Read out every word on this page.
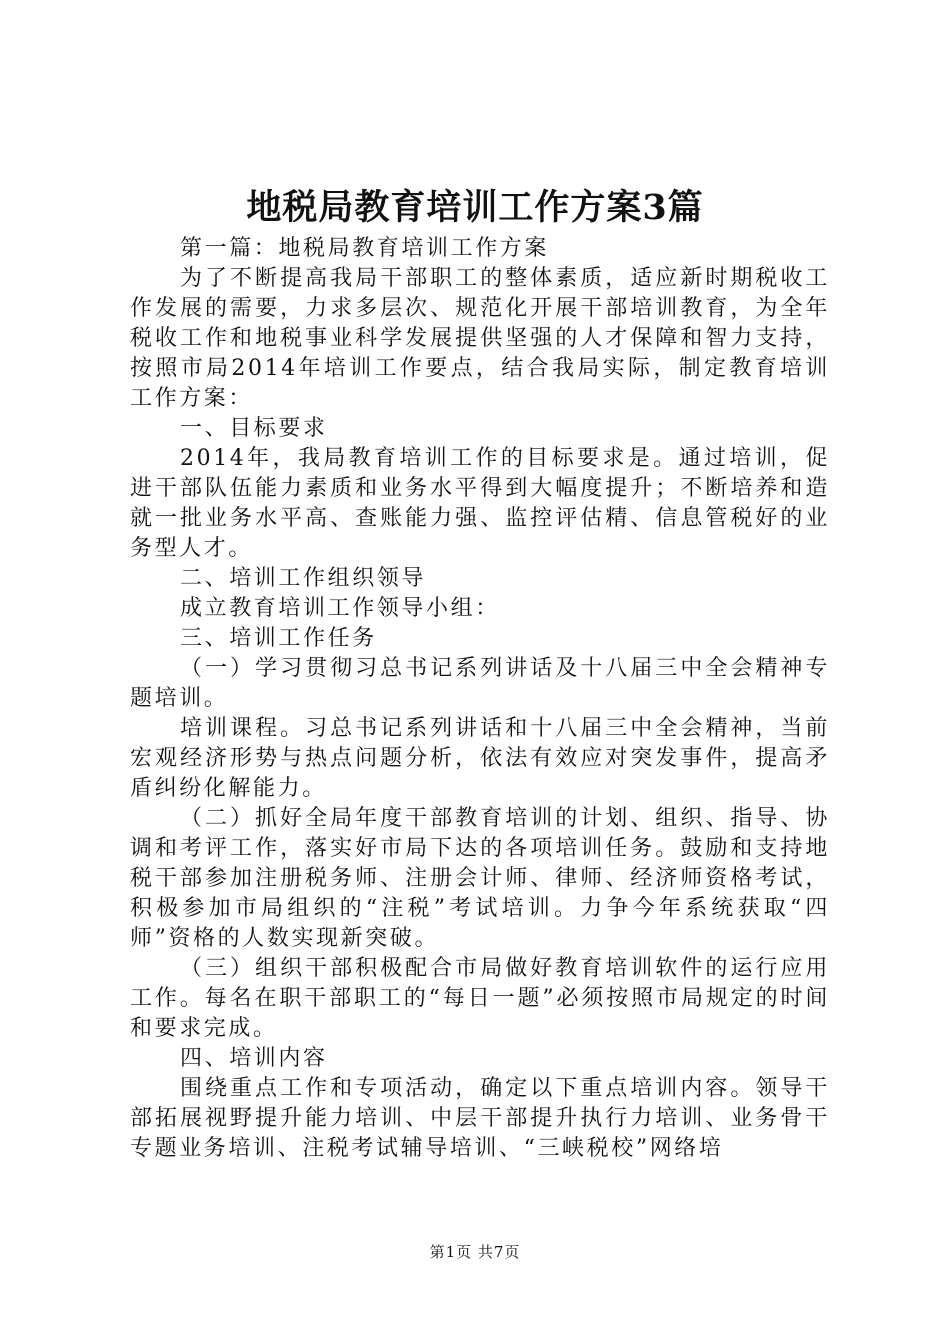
地税局教育培训工作方案3篇

第一篇：地税局教育培训工作方案

为了不断提高我局干部职工的整体素质，适应新时期税收工作发展的需要，力求多层次、规范化开展干部培训教育，为全年税收工作和地税事业科学发展提供坚强的人才保障和智力支持，按照市局2014年培训工作要点，结合我局实际，制定教育培训工作方案：

一、目标要求

2014年，我局教育培训工作的目标要求是。通过培训，促进干部队伍能力素质和业务水平得到大幅度提升；不断培养和造就一批业务水平高、查账能力强、监控评估精、信息管税好的业务型人才。

二、培训工作组织领导

成立教育培训工作领导小组：

三、培训工作任务

（一）学习贯彻习总书记系列讲话及十八届三中全会精神专题培训。

培训课程。习总书记系列讲话和十八届三中全会精神，当前宏观经济形势与热点问题分析，依法有效应对突发事件，提高矛盾纠纷化解能力。

（二）抓好全局年度干部教育培训的计划、组织、指导、协调和考评工作，落实好市局下达的各项培训任务。鼓励和支持地税干部参加注册税务师、注册会计师、律师、经济师资格考试，积极参加市局组织的“注税”考试培训。力争今年系统获取“四师”资格的人数实现新突破。

（三）组织干部积极配合市局做好教育培训软件的运行应用工作。每名在职干部职工的“每日一题”必须按照市局规定的时间和要求完成。

四、培训内容

围绕重点工作和专项活动，确定以下重点培训内容。领导干部拓展视野提升能力培训、中层干部提升执行力培训、业务骨干专题业务培训、注税考试辅导培训、“三峡税校”网络培

第1页 共7页
